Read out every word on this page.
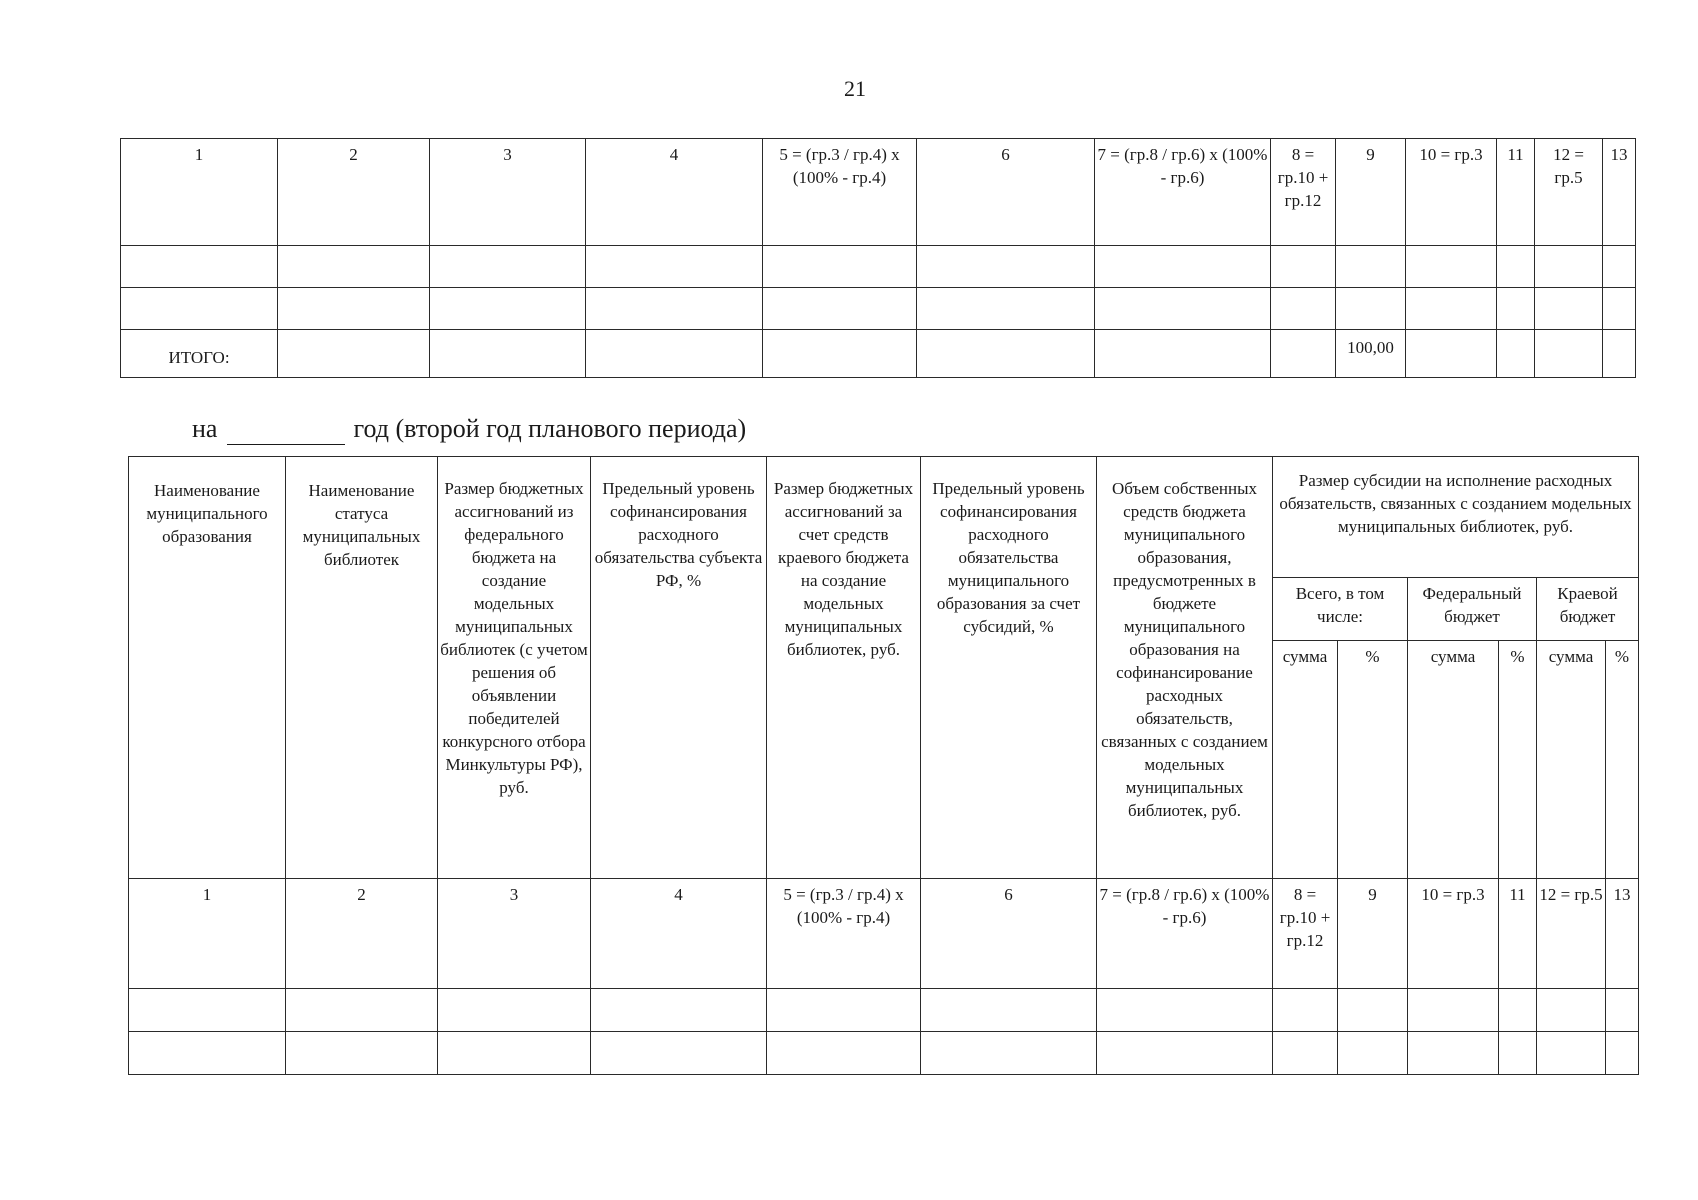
21
1	2	3	4	5 = (гр.3 / гр.4) х (100% - гр.4)	6	7 = (гр.8 / гр.6) х (100% - гр.6)	8 = гр.10 + гр.12	9	10 = гр.3	11	12 = гр.5	13

ИТОГО:								100,00				
на	год (второй год планового периода)
Наименование муниципального образования	Наименование статуса муниципальных библиотек	Размер бюджетных ассигнований из федерального бюджета на создание модельных муниципальных библиотек (с учетом решения об объявлении победителей конкурсного отбора Минкультуры РФ), руб.	Предельный уровень софинансирования расходного обязательства субъекта РФ, %	Размер бюджетных ассигнований за счет средств краевого бюджета на создание модельных муниципальных библиотек, руб.	Предельный уровень софинансирования расходного обязательства муниципального образования за счет субсидий, %	Объем собственных средств бюджета муниципального образования, предусмотренных в бюджете муниципального образования на софинансирование расходных обязательств, связанных с созданием модельных муниципальных библиотек, руб.	Размер субсидии на исполнение расходных обязательств, связанных с созданием модельных муниципальных библиотек, руб.					
							Всего, в том числе:		Федеральный бюджет		Краевой бюджет	
							сумма	%	сумма	%	сумма	%
1	2	3	4	5 = (гр.3 / гр.4) х (100% - гр.4)	6	7 = (гр.8 / гр.6) х (100% - гр.6)	8 = гр.10 + гр.12	9	10 = гр.3	11	12 = гр.5	13
